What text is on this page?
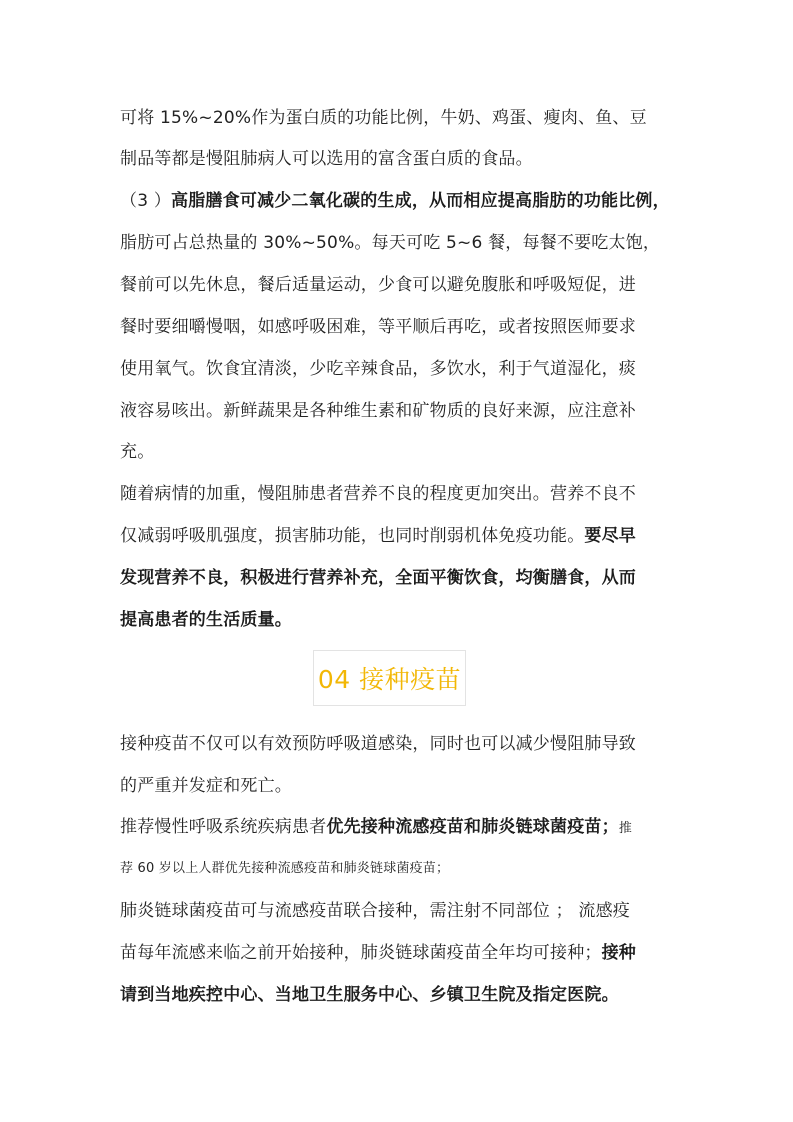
可将 15%~20%作为蛋白质的功能比例，牛奶、鸡蛋、瘦肉、鱼、豆
制品等都是慢阻肺病人可以选用的富含蛋白质的食品。
（3 ）高脂膳食可减少二氧化碳的生成，从而相应提高脂肪的功能比例，
脂肪可占总热量的 30%~50%。每天可吃 5~6 餐，每餐不要吃太饱，
餐前可以先休息，餐后适量运动，少食可以避免腹胀和呼吸短促，进
餐时要细嚼慢咽，如感呼吸困难，等平顺后再吃，或者按照医师要求
使用氧气。饮食宜清淡，少吃辛辣食品，多饮水，利于气道湿化，痰
液容易咳出。新鲜蔬果是各种维生素和矿物质的良好来源，应注意补
充。
随着病情的加重，慢阻肺患者营养不良的程度更加突出。营养不良不
仅减弱呼吸肌强度，损害肺功能，也同时削弱机体免疫功能。要尽早
发现营养不良，积极进行营养补充，全面平衡饮食，均衡膳食，从而
提高患者的生活质量。
04 接种疫苗
接种疫苗不仅可以有效预防呼吸道感染，同时也可以减少慢阻肺导致
的严重并发症和死亡。
推荐慢性呼吸系统疾病患者优先接种流感疫苗和肺炎链球菌疫苗；推
荐 60 岁以上人群优先接种流感疫苗和肺炎链球菌疫苗；
肺炎链球菌疫苗可与流感疫苗联合接种，需注射不同部位 ； 流感疫
苗每年流感来临之前开始接种，肺炎链球菌疫苗全年均可接种；接种
请到当地疾控中心、当地卫生服务中心、乡镇卫生院及指定医院。
